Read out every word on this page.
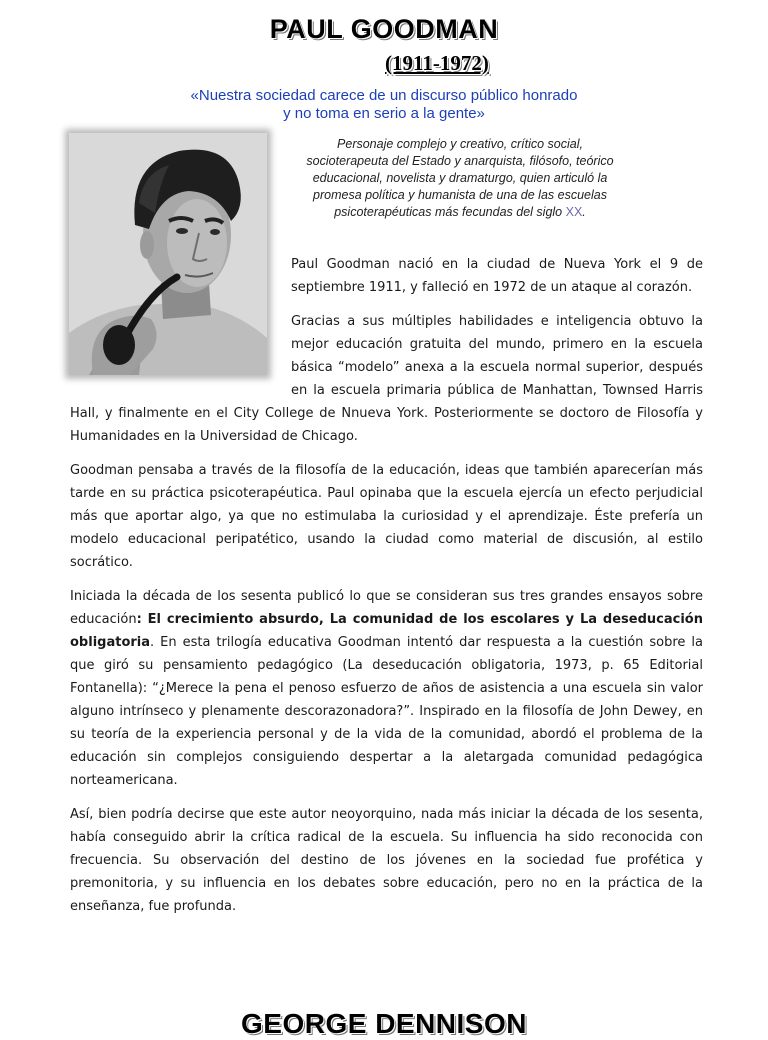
PAUL GOODMAN
(1911-1972)
«Nuestra sociedad carece de un discurso público honrado
y no toma en serio a la gente»
Personaje complejo y creativo, crítico social, socioterapeuta del Estado y anarquista, filósofo, teórico educacional, novelista y dramaturgo, quien articuló la promesa política y humanista de una de las escuelas psicoterapéuticas más fecundas del siglo XX.

Paul Goodman nació en la ciudad de Nueva York el 9 de septiembre 1911, y falleció en 1972 de un ataque al corazón.

Gracias a sus múltiples habilidades e inteligencia obtuvo la mejor educación gratuita del mundo, primero en la escuela básica “modelo” anexa a la escuela normal superior, después en la escuela primaria pública de Manhattan, Townsed Harris Hall, y finalmente en el City College de Nnueva York. Posteriormente se doctoro de Filosofía y Humanidades en la Universidad de Chicago.

Goodman pensaba a través de la filosofía de la educación, ideas que también aparecerían más tarde en su práctica psicoterapéutica. Paul opinaba que la escuela ejercía un efecto perjudicial más que aportar algo, ya que no estimulaba la curiosidad y el aprendizaje. Éste prefería un modelo educacional peripatético, usando la ciudad como material de discusión, al estilo socrático.

Iniciada la década de los sesenta publicó lo que se consideran sus tres grandes ensayos sobre educación: El crecimiento absurdo, La comunidad de los escolares y La deseducación obligatoria. En esta trilogía educativa Goodman intentó dar respuesta a la cuestión sobre la que giró su pensamiento pedagógico (La deseducación obligatoria, 1973, p. 65 Editorial Fontanella): “¿Merece la pena el penoso esfuerzo de años de asistencia a una escuela sin valor alguno intrínseco y plenamente descorazonadora?”. Inspirado en la filosofía de John Dewey, en su teoría de la experiencia personal y de la vida de la comunidad, abordó el problema de la educación sin complejos consiguiendo despertar a la aletargada comunidad pedagógica norteamericana.

Así, bien podría decirse que este autor neoyorquino, nada más iniciar la década de los sesenta, había conseguido abrir la crítica radical de la escuela. Su influencia ha sido reconocida con frecuencia. Su observación del destino de los jóvenes en la sociedad fue profética y premonitoria, y su influencia en los debates sobre educación, pero no en la práctica de la enseñanza, fue profunda.

GEORGE DENNISON
